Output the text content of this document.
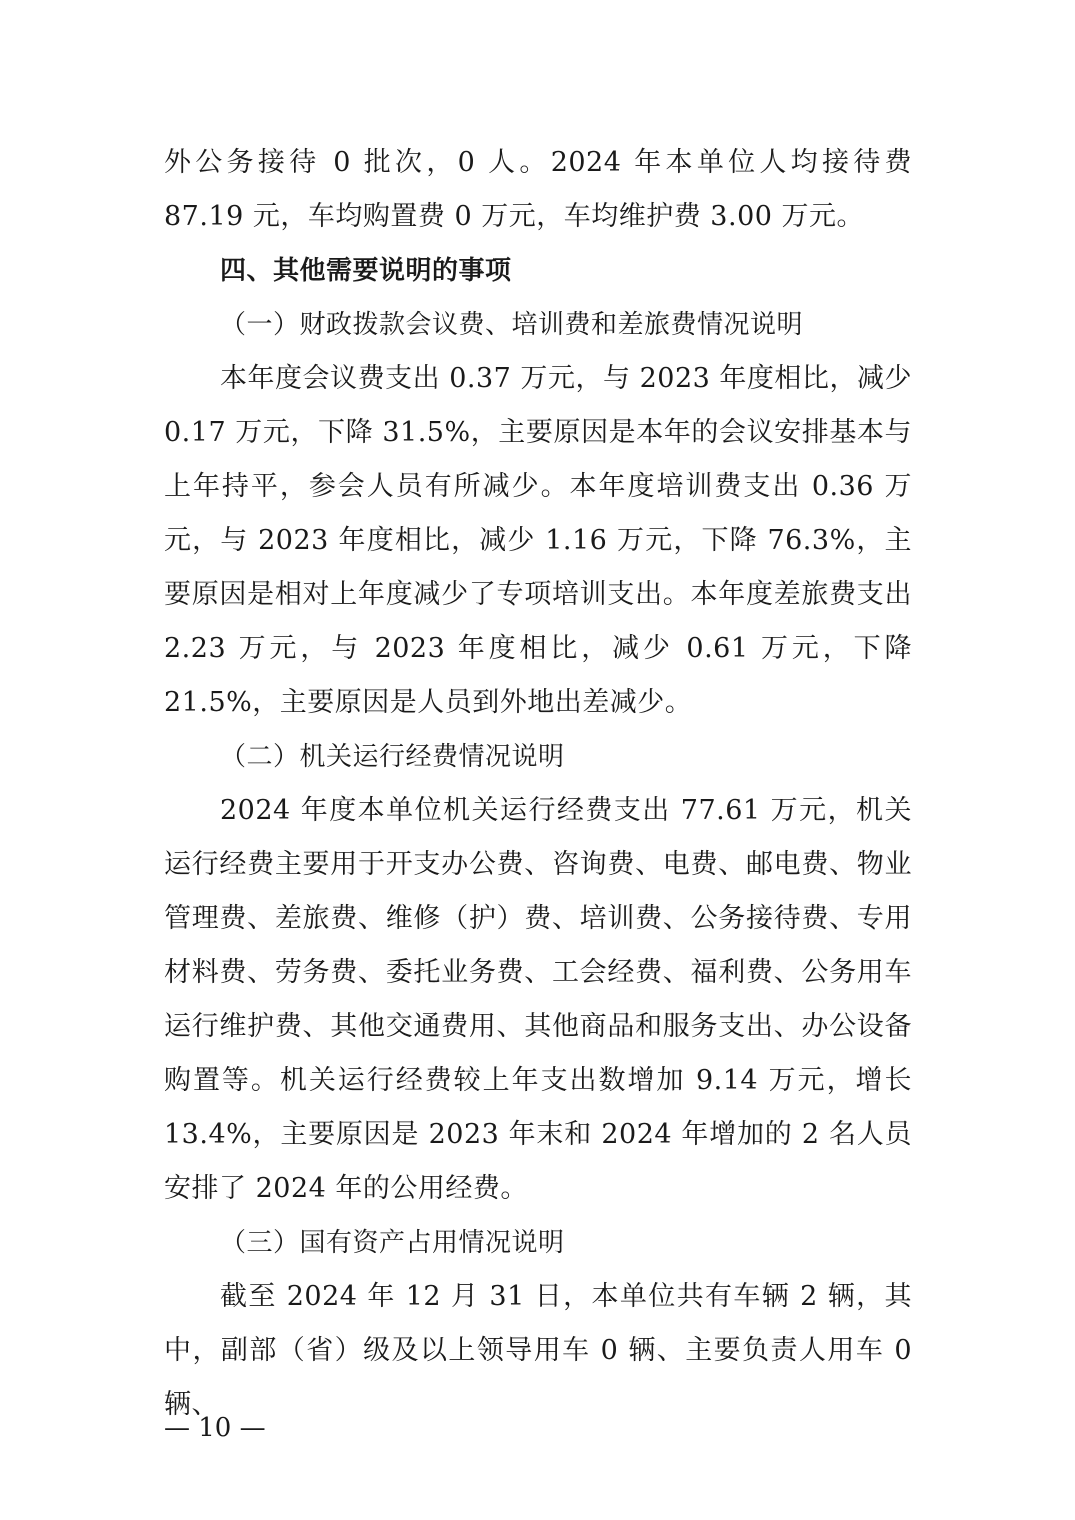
外公务接待 0 批次，0 人。2024 年本单位人均接待费 87.19 元，车均购置费 0 万元，车均维护费 3.00 万元。

四、其他需要说明的事项

（一）财政拨款会议费、培训费和差旅费情况说明

本年度会议费支出 0.37 万元，与 2023 年度相比，减少 0.17 万元，下降 31.5%，主要原因是本年的会议安排基本与上年持平，参会人员有所减少。本年度培训费支出 0.36 万元，与 2023 年度相比，减少 1.16 万元，下降 76.3%，主要原因是相对上年度减少了专项培训支出。本年度差旅费支出 2.23 万元，与 2023 年度相比，减少 0.61 万元，下降 21.5%，主要原因是人员到外地出差减少。

（二）机关运行经费情况说明

2024 年度本单位机关运行经费支出 77.61 万元，机关运行经费主要用于开支办公费、咨询费、电费、邮电费、物业管理费、差旅费、维修（护）费、培训费、公务接待费、专用材料费、劳务费、委托业务费、工会经费、福利费、公务用车运行维护费、其他交通费用、其他商品和服务支出、办公设备购置等。机关运行经费较上年支出数增加 9.14 万元，增长 13.4%，主要原因是 2023 年末和 2024 年增加的 2 名人员安排了 2024 年的公用经费。

（三）国有资产占用情况说明

截至 2024 年 12 月 31 日，本单位共有车辆 2 辆，其中，副部（省）级及以上领导用车 0 辆、主要负责人用车 0 辆、

— 10 —
